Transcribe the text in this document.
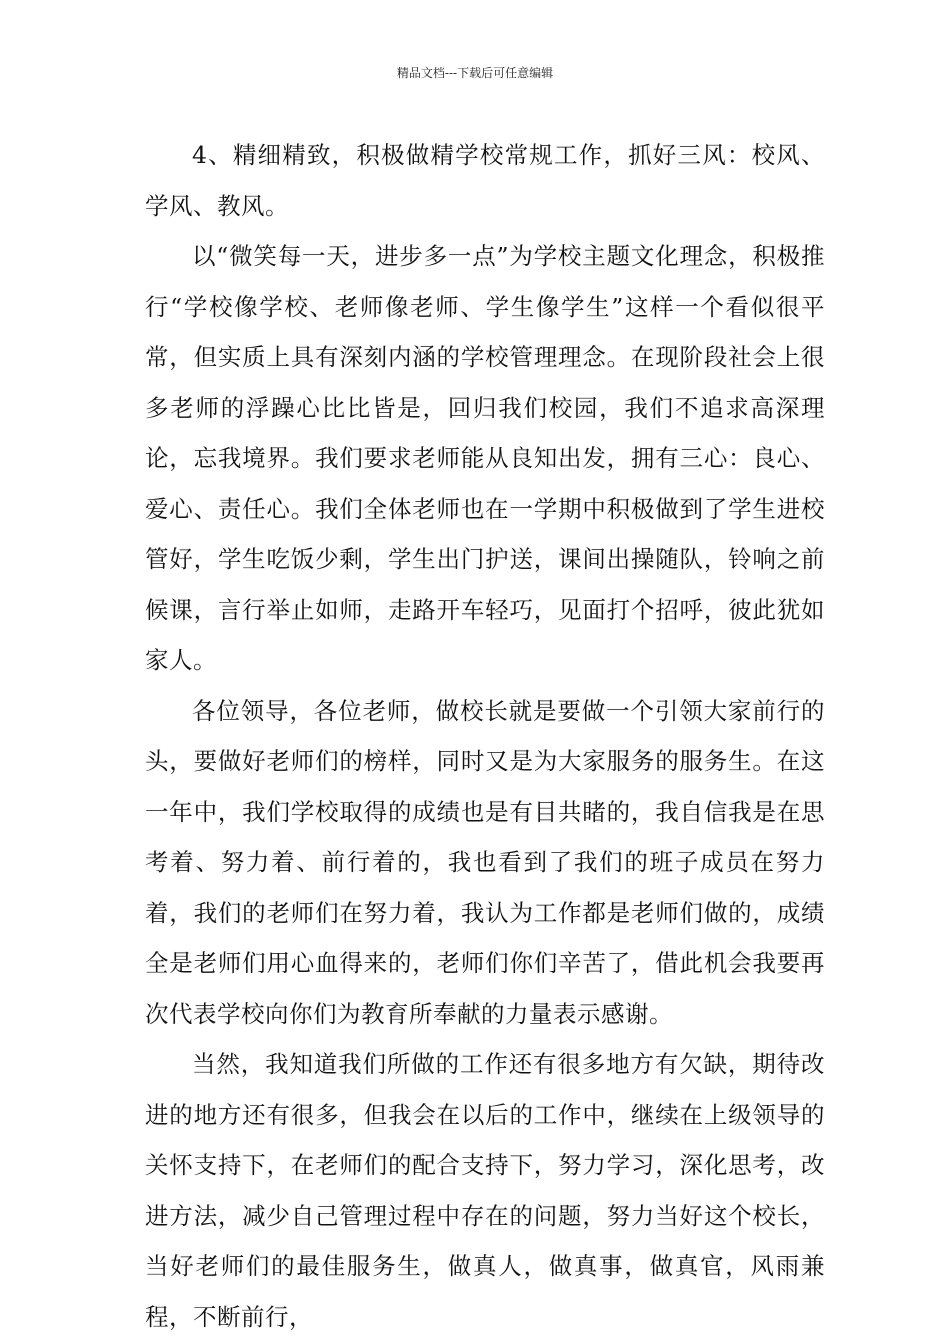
精品文档---下载后可任意编辑

4、精细精致，积极做精学校常规工作，抓好三风：校风、学风、教风。

以“微笑每一天，进步多一点”为学校主题文化理念，积极推行“学校像学校、老师像老师、学生像学生”这样一个看似很平常，但实质上具有深刻内涵的学校管理理念。在现阶段社会上很多老师的浮躁心比比皆是，回归我们校园，我们不追求高深理论，忘我境界。我们要求老师能从良知出发，拥有三心：良心、爱心、责任心。我们全体老师也在一学期中积极做到了学生进校管好，学生吃饭少剩，学生出门护送，课间出操随队，铃响之前候课，言行举止如师，走路开车轻巧，见面打个招呼，彼此犹如家人。

各位领导，各位老师，做校长就是要做一个引领大家前行的头，要做好老师们的榜样，同时又是为大家服务的服务生。在这一年中，我们学校取得的成绩也是有目共睹的，我自信我是在思考着、努力着、前行着的，我也看到了我们的班子成员在努力着，我们的老师们在努力着，我认为工作都是老师们做的，成绩全是老师们用心血得来的，老师们你们辛苦了，借此机会我要再次代表学校向你们为教育所奉献的力量表示感谢。

当然，我知道我们所做的工作还有很多地方有欠缺，期待改进的地方还有很多，但我会在以后的工作中，继续在上级领导的关怀支持下，在老师们的配合支持下，努力学习，深化思考，改进方法，减少自己管理过程中存在的问题，努力当好这个校长，当好老师们的最佳服务生，做真人，做真事，做真官，风雨兼程，不断前行，
